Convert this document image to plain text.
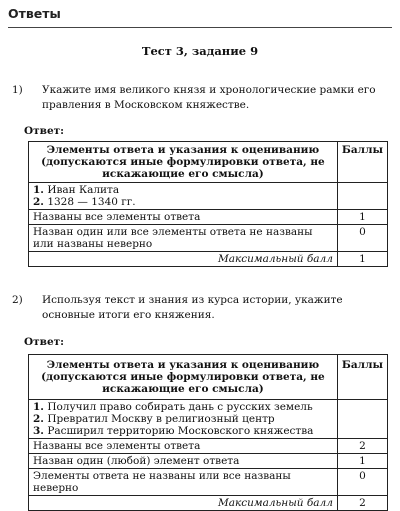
Ответы
Тест 3, задание 9
1) Укажите имя великого князя и хронологические рамки его правления в Московском княжестве.
Ответ:
Элементы ответа и указания к оцениванию (допускаются иные формулировки ответа, не искажающие его смысла)	Баллы

1. Иван Калита
2. 1328 — 1340 гг.	

Названы все элементы ответа	1
Назван один или все элементы ответа не названы или названы неверно	0
Максимальный балл	1
2) Используя текст и знания из курса истории, укажите основные итоги его княжения.
Ответ:
Элементы ответа и указания к оцениванию (допускаются иные формулировки ответа, не искажающие его смысла)	Баллы

1. Получил право собирать дань с русских земель
2. Превратил Москву в религиозный центр
3. Расширил территорию Московского княжества	

Названы все элементы ответа	2
Назван один (любой) элемент ответа	1
Элементы ответа не названы или все названы неверно	0
Максимальный балл	2
